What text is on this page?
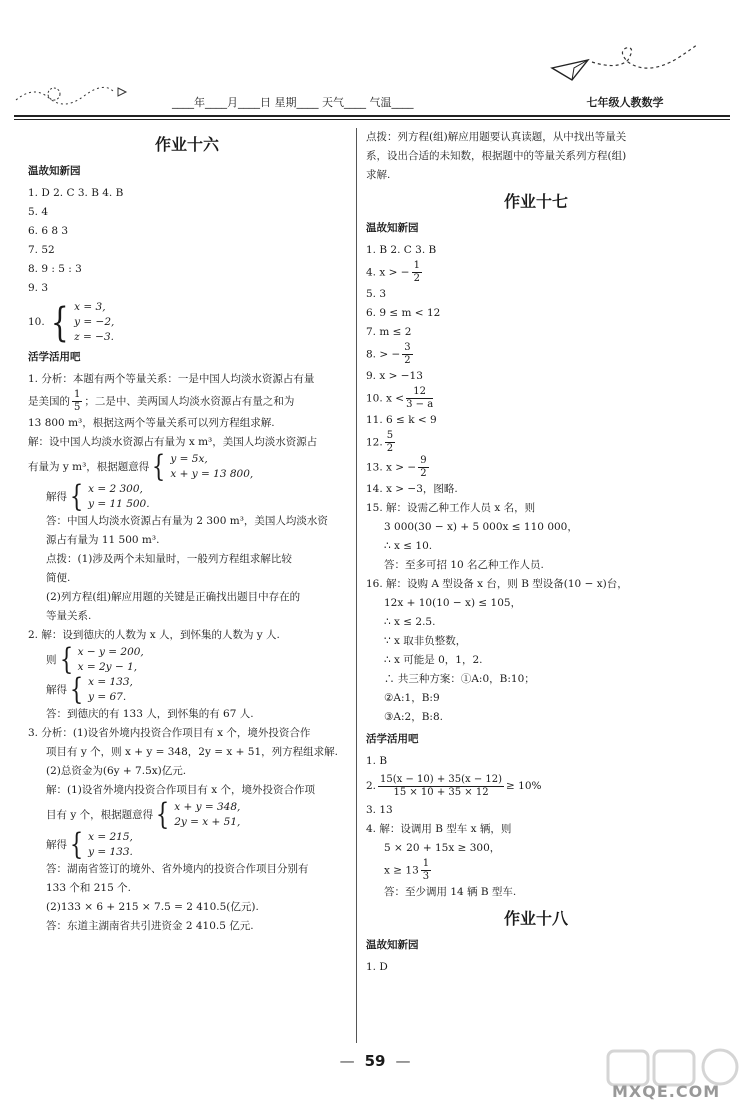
____年____月____日 星期____ 天气____ 气温____	七年级人教数学
作业十六
温故知新园
1. D 2. C 3. B 4. B
5. 4
6. 6 8 3
7. 52
8. 9 : 5 : 3
9. 3
10. { x = 3,
y = −2,
z = −3.
活学活用吧
1. 分析：本题有两个等量关系：一是中国人均淡水资源占有量
是美国的 $\frac{1}{5}$ ；二是中、美两国人均淡水资源占有量之和为
13 800 m³，根据这两个等量关系可以列方程组求解.
解：设中国人均淡水资源占有量为 x m³，美国人均淡水资源占
有量为 y m³，根据题意得 { y = 5x,
x + y = 13 800,
解得 { x = 2 300,
y = 11 500.
答：中国人均淡水资源占有量为 2 300 m³，美国人均淡水资
源占有量为 11 500 m³.
点拨：(1)涉及两个未知量时，一般列方程组求解比较
简便.
(2)列方程(组)解应用题的关键是正确找出题目中存在的
等量关系.
2. 解：设到德庆的人数为 x 人，到怀集的人数为 y 人.
则 { x − y = 200,
x = 2y − 1,
解得 { x = 133,
y = 67.
答：到德庆的有 133 人，到怀集的有 67 人.
3. 分析：(1)设省外境内投资合作项目有 x 个，境外投资合作
项目有 y 个，则 x + y = 348，2y = x + 51，列方程组求解.
(2)总资金为(6y + 7.5x)亿元.
解：(1)设省外境内投资合作项目有 x 个，境外投资合作项
目有 y 个，根据题意得 { x + y = 348,
2y = x + 51,
解得 { x = 215,
y = 133.
答：湖南省签订的境外、省外境内的投资合作项目分别有
133 个和 215 个.
(2)133 × 6 + 215 × 7.5 = 2 410.5(亿元).
答：东道主湖南省共引进资金 2 410.5 亿元.
点拨：列方程(组)解应用题要认真读题，从中找出等量关
系，设出合适的未知数，根据题中的等量关系列方程(组)
求解.
作业十七
温故知新园
1. B 2. C 3. B
4. x > − $\frac{1}{2}$
5. 3
6. 9 ≤ m < 12
7. m ≤ 2
8. > − $\frac{3}{2}$
9. x > −13
10. $x < \frac{12}{3 - a}$
11. 6 ≤ k < 9
12. $\frac{5}{2}$
13. x > − $\frac{9}{2}$
14. x > −3，图略.
15. 解：设需乙种工作人员 x 名，则
3 000(30 − x) + 5 000x ≤ 110 000，
∴ x ≤ 10.
答：至多可招 10 名乙种工作人员.
16. 解：设购 A 型设备 x 台，则 B 型设备(10 − x)台，
12x + 10(10 − x) ≤ 105，
∴ x ≤ 2.5.
∵ x 取非负整数，
∴ x 可能是 0，1，2.
∴ 共三种方案：①A:0，B:10；
②A:1，B:9
③A:2，B:8.
活学活用吧
1. B
2. $\frac{15(x - 10) + 35(x - 12)}{15 \times 10 + 35 \times 12} \ge 10\%$
3. 13
4. 解：设调用 B 型车 x 辆，则
5 × 20 + 15x ≥ 300，
$x \ge 13 \frac{1}{3}$
答：至少调用 14 辆 B 型车.
作业十八
温故知新园
1. D
— 59 —
MXQE.COM
